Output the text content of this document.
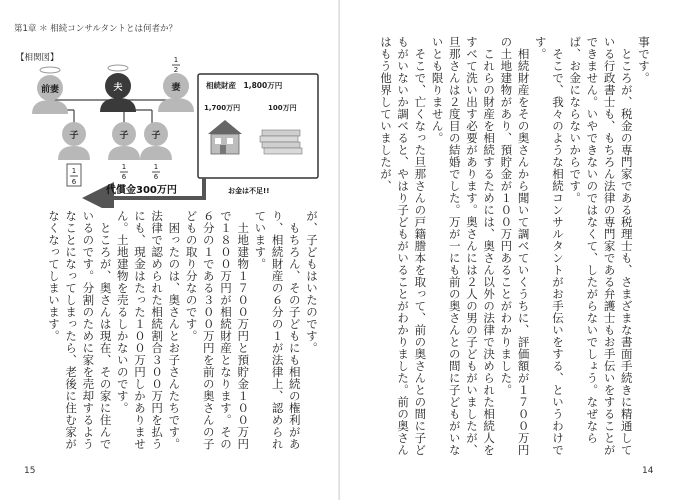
第1章 ＊ 相続コンサルタントとは何者か？
【相関図】
前妻	夫	妻
1
2
子	子
1
6
子
1
6
1
6
相続財産　1,800万円
1,700万円	100万円
代償金300万円	お金は不足!!

が、子どもはいたのです。

もちろん、その子どもにも相続の権利があり、相続財産の６分の１が法律上、認められています。

土地建物１７００万円と預貯金１００万円で１８００万円が相続財産となります。その６分の１である３００万円を前の奥さんの子どもの取り分なのです。

困ったのは、奥さんとお子さんたちです。法律で認められた相続割合３００万円を払うにも、現金はたった１００万円しかありません。土地建物を売るしかないのです。

ところが、奥さんは現在、その家に住んでいるのです。分割のために家を売却するようなことになってしまったら、老後に住む家がなくなってしまいます。

15

事です。

ところが、税金の専門家である税理士も、さまざまな書面手続きに精通している行政書士も、もちろん法律の専門家である弁護士もお手伝いをすることができません。いやできないのではなくて、したがらないでしょう。なぜならば、お金にならないからです。

そこで、我々のような相続コンサルタントがお手伝いをする、というわけです。

相続財産をその奥さんから聞いて調べていくうちに、評価額が１７００万円の土地建物があり、預貯金が１００万円あることがわかりました。

これらの財産を相続するためには、奥さん以外の法律で決められた相続人をすべて洗い出す必要があります。奥さんには２人の男の子どもがいましたが、旦那さんは２度目の結婚でした。万が一にも前の奥さんとの間に子どもがいないとも限りません。

そこで、亡くなった旦那さんの戸籍謄本を取って、前の奥さんとの間に子どもがいないか調べると、やはり子どもがいることがわかりました。前の奥さんはもう他界していましたが、

14
